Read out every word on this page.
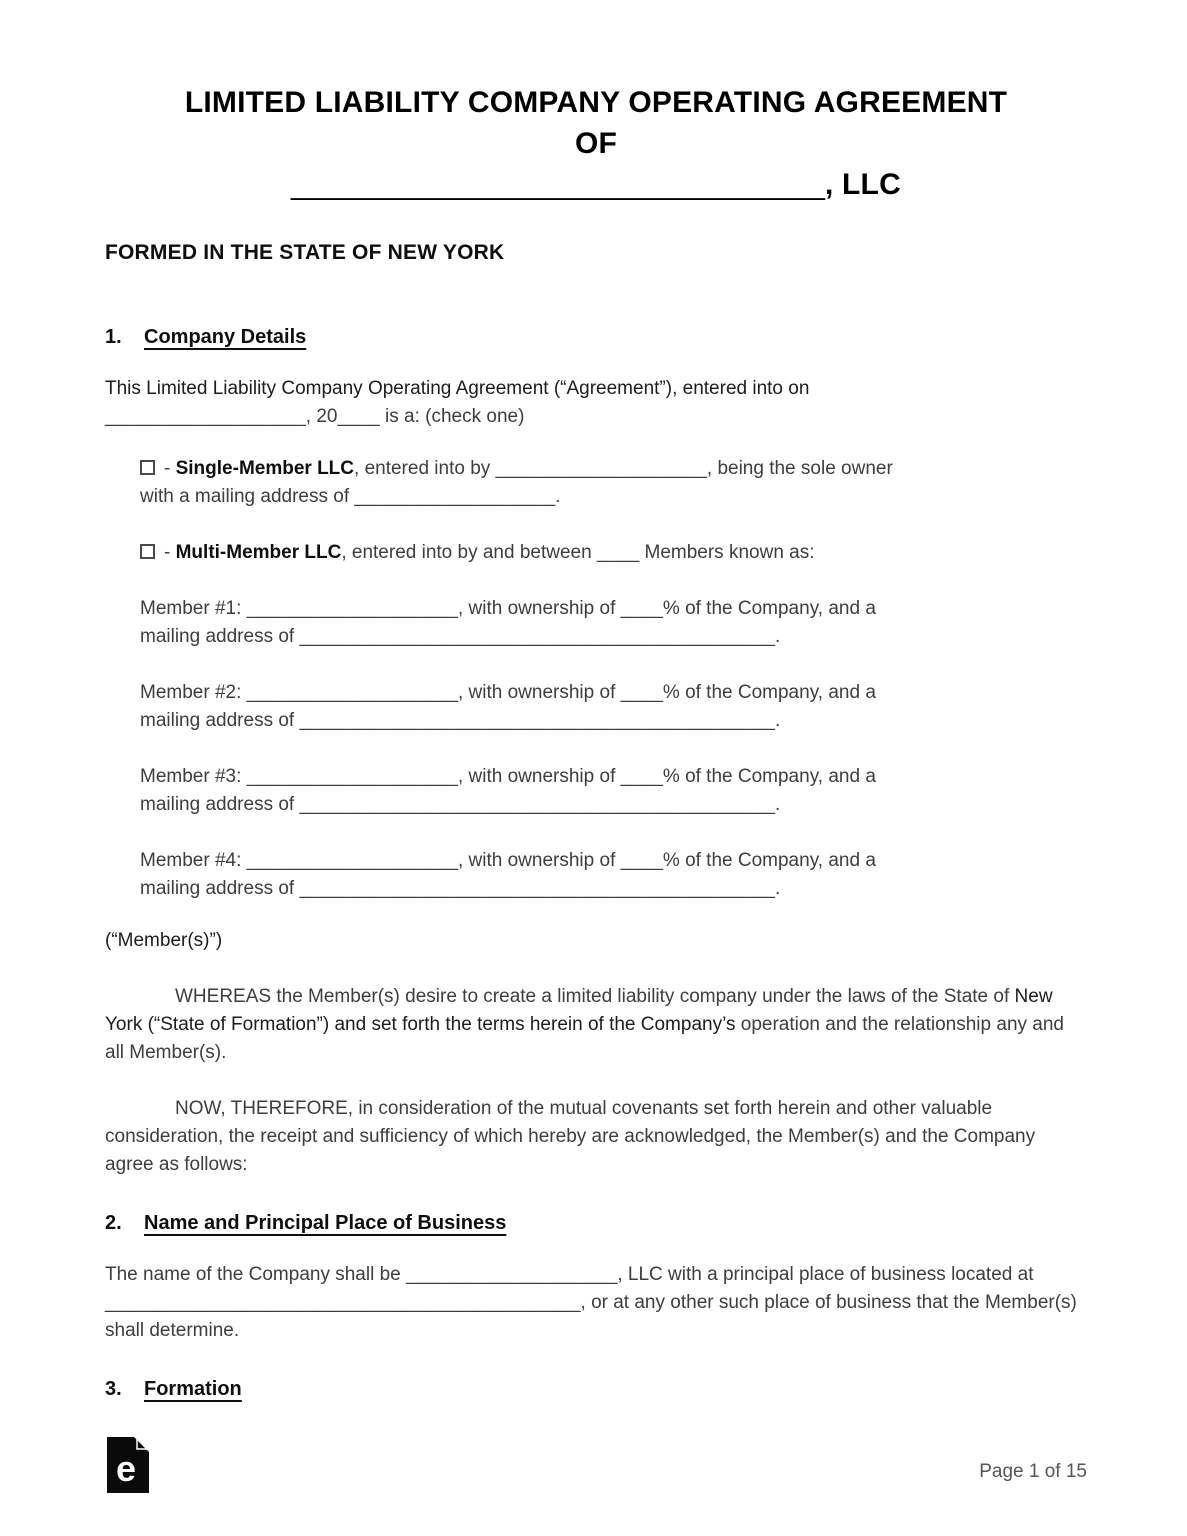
LIMITED LIABILITY COMPANY OPERATING AGREEMENT
OF
________________________________, LLC
FORMED IN THE STATE OF NEW YORK
1. Company Details
This Limited Liability Company Operating Agreement (“Agreement”), entered into on
___________________, 20____ is a: (check one)
- Single-Member LLC, entered into by ____________________, being the sole owner
with a mailing address of ___________________.
- Multi-Member LLC, entered into by and between ____ Members known as:
Member #1: ____________________, with ownership of ____% of the Company, and a
mailing address of _____________________________________________.
Member #2: ____________________, with ownership of ____% of the Company, and a
mailing address of _____________________________________________.
Member #3: ____________________, with ownership of ____% of the Company, and a
mailing address of _____________________________________________.
Member #4: ____________________, with ownership of ____% of the Company, and a
mailing address of _____________________________________________.
(“Member(s)”)

WHEREAS the Member(s) desire to create a limited liability company under the laws of the State of New York (“State of Formation”) and set forth the terms herein of the Company’s operation and the relationship any and all Member(s).

NOW, THEREFORE, in consideration of the mutual covenants set forth herein and other valuable consideration, the receipt and sufficiency of which hereby are acknowledged, the Member(s) and the Company agree as follows:

2. Name and Principal Place of Business

The name of the Company shall be ____________________, LLC with a principal place of business located at _____________________________________________, or at any other such place of business that the Member(s) shall determine.

3. Formation
e	Page 1 of 15
